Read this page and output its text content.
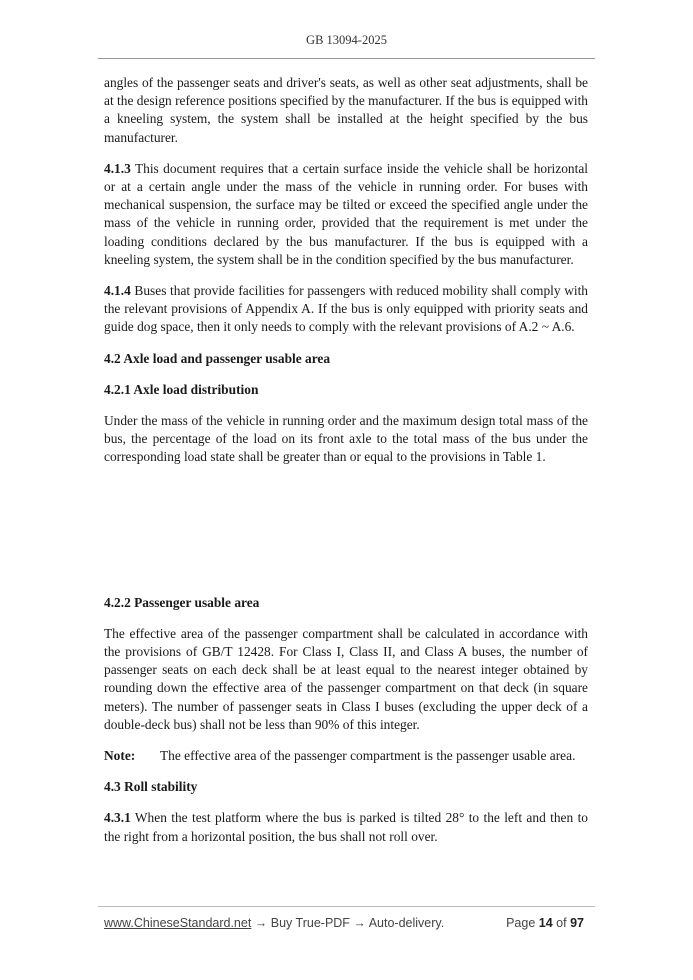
GB 13094-2025

angles of the passenger seats and driver's seats, as well as other seat adjustments, shall be at the design reference positions specified by the manufacturer. If the bus is equipped with a kneeling system, the system shall be installed at the height specified by the bus manufacturer.

4.1.3 This document requires that a certain surface inside the vehicle shall be horizontal or at a certain angle under the mass of the vehicle in running order. For buses with mechanical suspension, the surface may be tilted or exceed the specified angle under the mass of the vehicle in running order, provided that the requirement is met under the loading conditions declared by the bus manufacturer. If the bus is equipped with a kneeling system, the system shall be in the condition specified by the bus manufacturer.

4.1.4 Buses that provide facilities for passengers with reduced mobility shall comply with the relevant provisions of Appendix A. If the bus is only equipped with priority seats and guide dog space, then it only needs to comply with the relevant provisions of A.2 ~ A.6.

4.2 Axle load and passenger usable area
4.2.1 Axle load distribution

Under the mass of the vehicle in running order and the maximum design total mass of the bus, the percentage of the load on its front axle to the total mass of the bus under the corresponding load state shall be greater than or equal to the provisions in Table 1.

4.2.2 Passenger usable area

The effective area of the passenger compartment shall be calculated in accordance with the provisions of GB/T 12428. For Class I, Class II, and Class A buses, the number of passenger seats on each deck shall be at least equal to the nearest integer obtained by rounding down the effective area of the passenger compartment on that deck (in square meters). The number of passenger seats in Class I buses (excluding the upper deck of a double-deck bus) shall not be less than 90% of this integer.

Note:	The effective area of the passenger compartment is the passenger usable area.
4.3 Roll stability

4.3.1 When the test platform where the bus is parked is tilted 28° to the left and then to the right from a horizontal position, the bus shall not roll over.

www.ChineseStandard.net → Buy True-PDF → Auto-delivery.	Page 14 of 97
